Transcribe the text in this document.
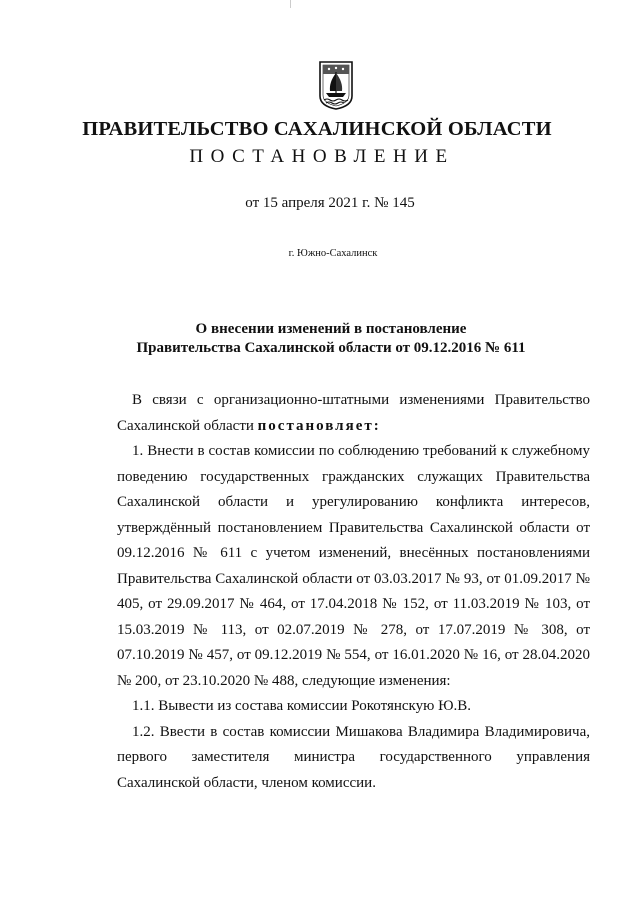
ПРАВИТЕЛЬСТВО САХАЛИНСКОЙ ОБЛАСТИ
ПОСТАНОВЛЕНИЕ
от 15 апреля 2021 г. № 145
г. Южно-Сахалинск
О внесении изменений в постановление
Правительства Сахалинской области от 09.12.2016 № 611

В связи с организационно-штатными изменениями Правительство Сахалинской области постановляет:

1. Внести в состав комиссии по соблюдению требований к служебному поведению государственных гражданских служащих Правительства Сахалинской области и урегулированию конфликта интересов, утверждённый постановлением Правительства Сахалинской области от 09.12.2016 № 611 с учетом изменений, внесённых постановлениями Правительства Сахалинской области от 03.03.2017 № 93, от 01.09.2017 № 405, от 29.09.2017 № 464, от 17.04.2018 № 152, от 11.03.2019 № 103, от 15.03.2019 № 113, от 02.07.2019 № 278, от 17.07.2019 № 308, от 07.10.2019 № 457, от 09.12.2019 № 554, от 16.01.2020 № 16, от 28.04.2020 № 200, от 23.10.2020 № 488, следующие изменения:

1.1. Вывести из состава комиссии Рокотянскую Ю.В.

1.2. Ввести в состав комиссии Мишакова Владимира Владимировича, первого заместителя министра государственного управления Сахалинской области, членом комиссии.
